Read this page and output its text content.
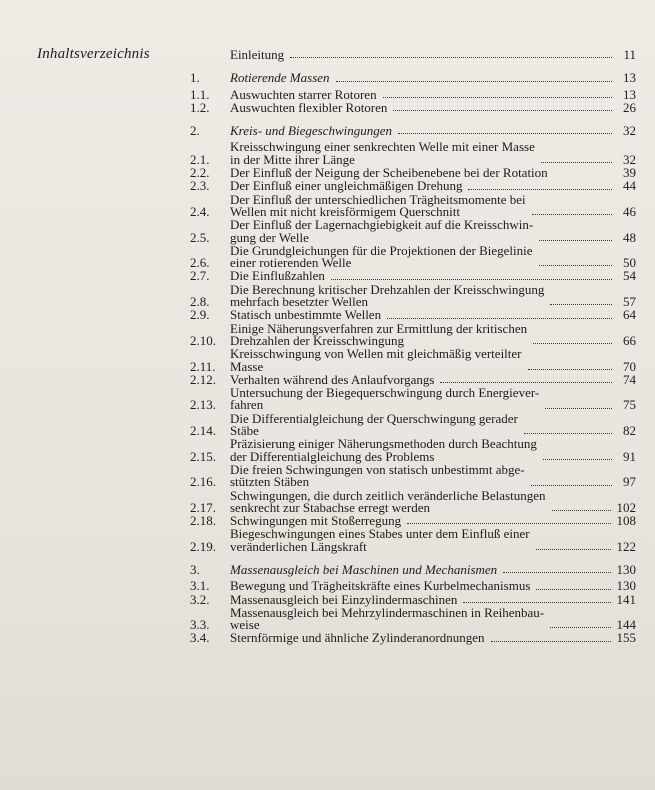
Inhaltsverzeichnis	Einleitung	11
1.	Rotierende Massen	13
1.1.	Auswuchten starrer Rotoren	13
1.2.	Auswuchten flexibler Rotoren	26
2.	Kreis- und Biegeschwingungen	32
2.1.
Kreisschwingung einer senkrechten Welle mit einer Masse
in der Mitte ihrer Länge	32
2.2.	Der Einfluß der Neigung der Scheibenebene bei der Rotation	39
2.3.	Der Einfluß einer ungleichmäßigen Drehung	44
2.4.
Der Einfluß der unterschiedlichen Trägheitsmomente bei
Wellen mit nicht kreisförmigem Querschnitt	46
2.5.
Der Einfluß der Lagernachgiebigkeit auf die Kreisschwin-
gung der Welle	48
2.6.
Die Grundgleichungen für die Projektionen der Biegelinie
einer rotierenden Welle	50
2.7.	Die Einflußzahlen	54
2.8.
Die Berechnung kritischer Drehzahlen der Kreisschwingung
mehrfach besetzter Wellen	57
2.9.	Statisch unbestimmte Wellen	64
2.10.
Einige Näherungsverfahren zur Ermittlung der kritischen
Drehzahlen der Kreisschwingung	66
2.11.
Kreisschwingung von Wellen mit gleichmäßig verteilter
Masse	70
2.12.	Verhalten während des Anlaufvorgangs	74
2.13.
Untersuchung der Biegequerschwingung durch Energiever-
fahren	75
2.14.
Die Differentialgleichung der Querschwingung gerader
Stäbe	82
2.15.
Präzisierung einiger Näherungsmethoden durch Beachtung
der Differentialgleichung des Problems	91
2.16.
Die freien Schwingungen von statisch unbestimmt abge-
stützten Stäben	97
2.17.
Schwingungen, die durch zeitlich veränderliche Belastungen
senkrecht zur Stabachse erregt werden	102
2.18.	Schwingungen mit Stoßerregung	108
2.19.
Biegeschwingungen eines Stabes unter dem Einfluß einer
veränderlichen Längskraft	122
3.	Massenausgleich bei Maschinen und Mechanismen	130
3.1.	Bewegung und Trägheitskräfte eines Kurbelmechanismus	130
3.2.	Massenausgleich bei Einzylindermaschinen	141
3.3.
Massenausgleich bei Mehrzylindermaschinen in Reihenbau-
weise	144
3.4.	Sternförmige und ähnliche Zylinderanordnungen	155
